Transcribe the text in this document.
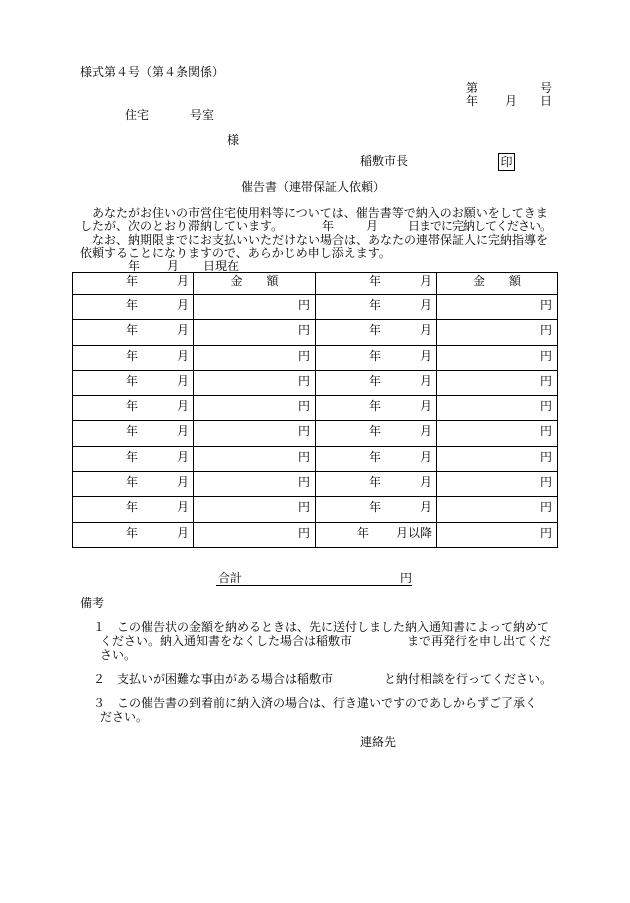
様式第４号（第４条関係）
第	号
年 月 日
住宅	号室
様
稲敷市長	印
催告書（連帯保証人依頼）
　あなたがお住いの市営住宅使用料等については、催告書等で納入のお願いをしてきま
したが、次のとおり滞納しています。	年	月 日までに完納してください。
　なお、納期限までにお支払いいただけない場合は、あなたの連帯保証人に完納指導を
依頼することになりますので、あらかじめ申し添えます。
年 月 日現在
年 月	金　　額	年 月	金　　額

年 月	円	年 月	円

年 月	円	年 月	円

年 月	円	年 月	円

年 月	円	年 月	円

年 月	円	年 月	円

年 月	円	年 月	円

年 月	円	年 月	円

年 月	円	年 月	円

年 月	円	年 月	円

年 月	円	年 月以降	円
合計	円
備考
１　この催告状の金額を納めるときは、先に送付しました納入通知書によって納めて
ください。納入通知書をなくした場合は稲敷市	まで再発行を申し出てくだ
さい。
２　支払いが困難な事由がある場合は稲敷市	と納付相談を行ってください。
３　この催告書の到着前に納入済の場合は、行き違いですのであしからずご了承く
ださい。
連絡先
